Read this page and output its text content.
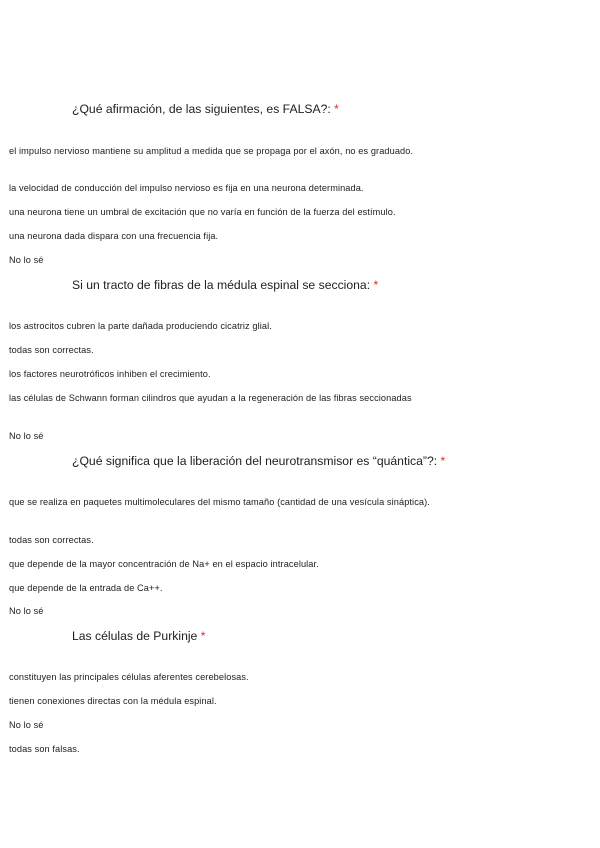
¿Qué afirmación, de las siguientes, es FALSA?: *

el impulso nervioso mantiene su amplitud a medida que se propaga por el axón, no es graduado.
la velocidad de conducción del impulso nervioso es fija en una neurona determinada.
una neurona tiene un umbral de excitación que no varía en función de la fuerza del estímulo.
una neurona dada dispara con una frecuencia fija.
No lo sé

Si un tracto de fibras de la médula espinal se secciona: *

los astrocitos cubren la parte dañada produciendo cicatriz glial.
todas son correctas.
los factores neurotróficos inhiben el crecimiento.
las células de Schwann forman cilindros que ayudan a la regeneración de las fibras seccionadas
No lo sé

¿Qué significa que la liberación del neurotransmisor es “quántica”?: *

que se realiza en paquetes multimoleculares del mismo tamaño (cantidad de una vesícula sináptica).
todas son correctas.
que depende de la mayor concentración de Na+ en el espacio intracelular.
que depende de la entrada de Ca++.
No lo sé

Las células de Purkinje *

constituyen las principales células aferentes cerebelosas.
tienen conexiones directas con la médula espinal.
No lo sé
todas son falsas.
